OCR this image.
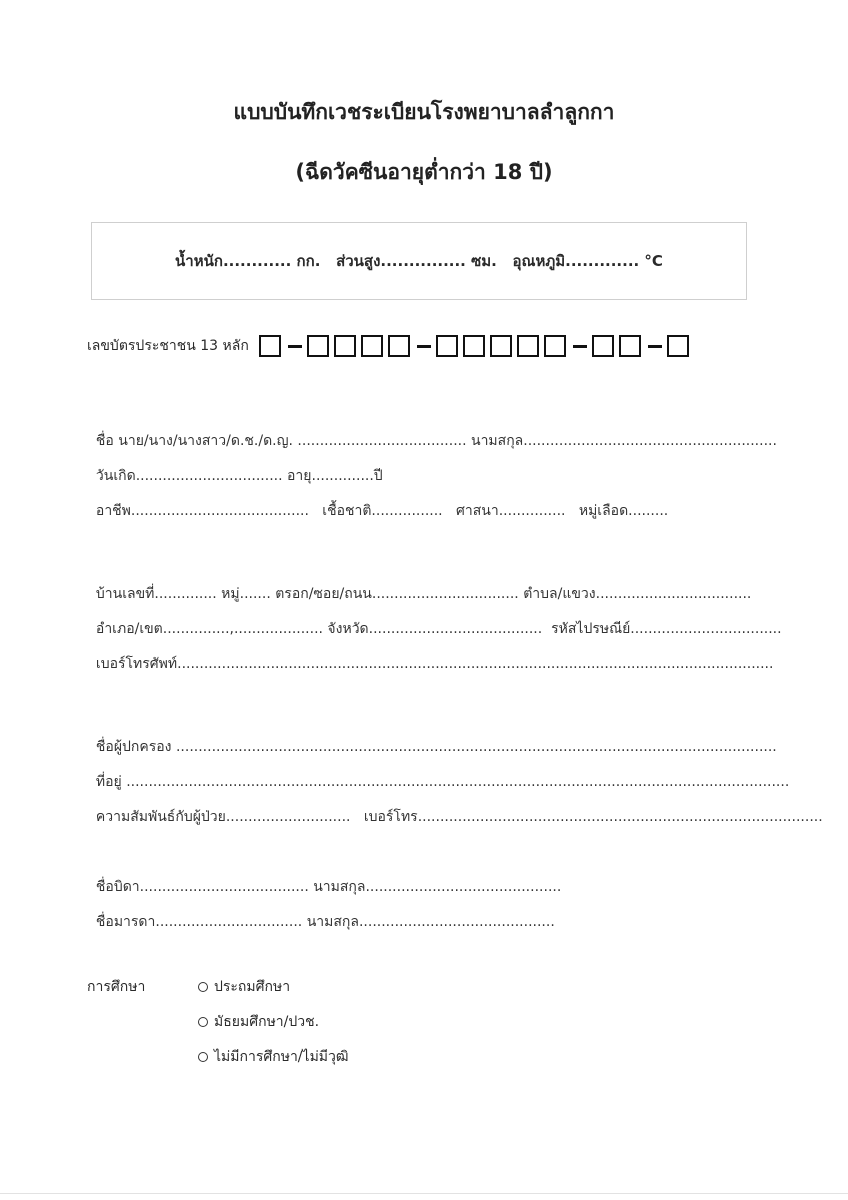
แบบบันทึกเวชระเบียนโรงพยาบาลลำลูกกา
(ฉีดวัคซีนอายุต่ำกว่า 18 ปี)
น้ำหนัก............ กก.
ส่วนสูง............... ซม.
อุณหภูมิ............. °C
เลขบัตรประชาชน 13 หลัก

ชื่อ นาย/นาง/นางสาว/ด.ช./ด.ญ. ...................................... นามสกุล.........................................................

วันเกิด................................. อายุ..............ปี

อาชีพ........................................ เชื้อชาติ................ ศาสนา............... หมู่เลือด.........

บ้านเลขที่.............. หมู่....... ตรอก/ซอย/ถนน................................. ตำบล/แขวง...................................

อำเภอ/เขต...............,.................... จังหวัด....................................... รหัสไปรษณีย์..................................

เบอร์โทรศัพท์......................................................................................................................................

ชื่อผู้ปกครอง .......................................................................................................................................

ที่อยู่ .....................................................................................................................................................

ความสัมพันธ์กับผู้ป่วย............................ เบอร์โทร...........................................................................................

ชื่อบิดา...................................... นามสกุล............................................

ชื่อมารดา................................. นามสกุล............................................

การศึกษา	ประถมศึกษา
มัธยมศึกษา/ปวช.
ไม่มีการศึกษา/ไม่มีวุฒิ
